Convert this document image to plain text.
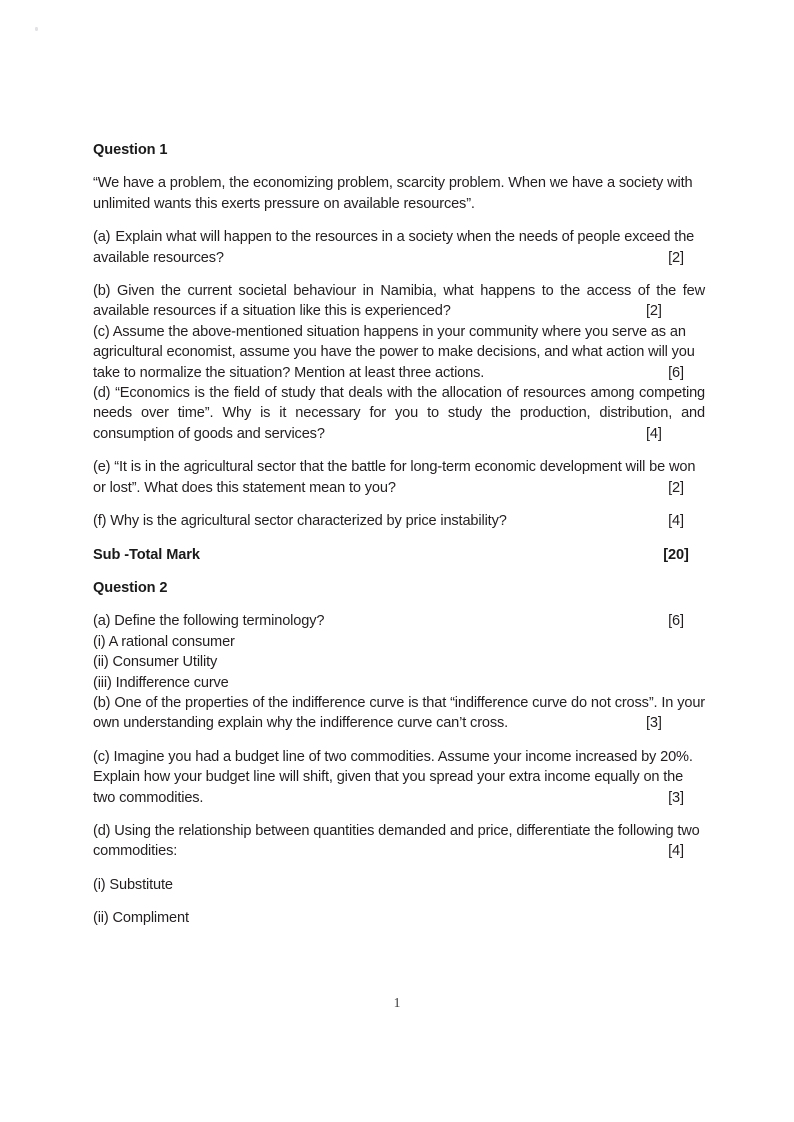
Question 1

“We have a problem, the economizing problem, scarcity problem. When we have a society with unlimited wants this exerts pressure on available resources”.

(a) Explain what will happen to the resources in a society when the needs of people exceed the available resources?	[2]

(b) Given the current societal behaviour in Namibia, what happens to the access of the few available resources if a situation like this is experienced?	[2]

(c) Assume the above-mentioned situation happens in your community where you serve as an agricultural economist, assume you have the power to make decisions, and what action will you take to normalize the situation? Mention at least three actions.	[6]

(d) “Economics is the field of study that deals with the allocation of resources among competing needs over time”. Why is it necessary for you to study the production, distribution, and consumption of goods and services?	[4]

(e) “It is in the agricultural sector that the battle for long-term economic development will be won or lost”. What does this statement mean to you?	[2]

(f) Why is the agricultural sector characterized by price instability?	[4]

Sub -Total Mark	[20]

Question 2

(a) Define the following terminology?	[6]

(i) A rational consumer

(ii) Consumer Utility

(iii) Indifference curve

(b) One of the properties of the indifference curve is that “indifference curve do not cross”. In your own understanding explain why the indifference curve can’t cross.	[3]

(c) Imagine you had a budget line of two commodities. Assume your income increased by 20%. Explain how your budget line will shift, given that you spread your extra income equally on the two commodities.	[3]

(d) Using the relationship between quantities demanded and price, differentiate the following two commodities:	[4]

(i) Substitute

(ii) Compliment

1
